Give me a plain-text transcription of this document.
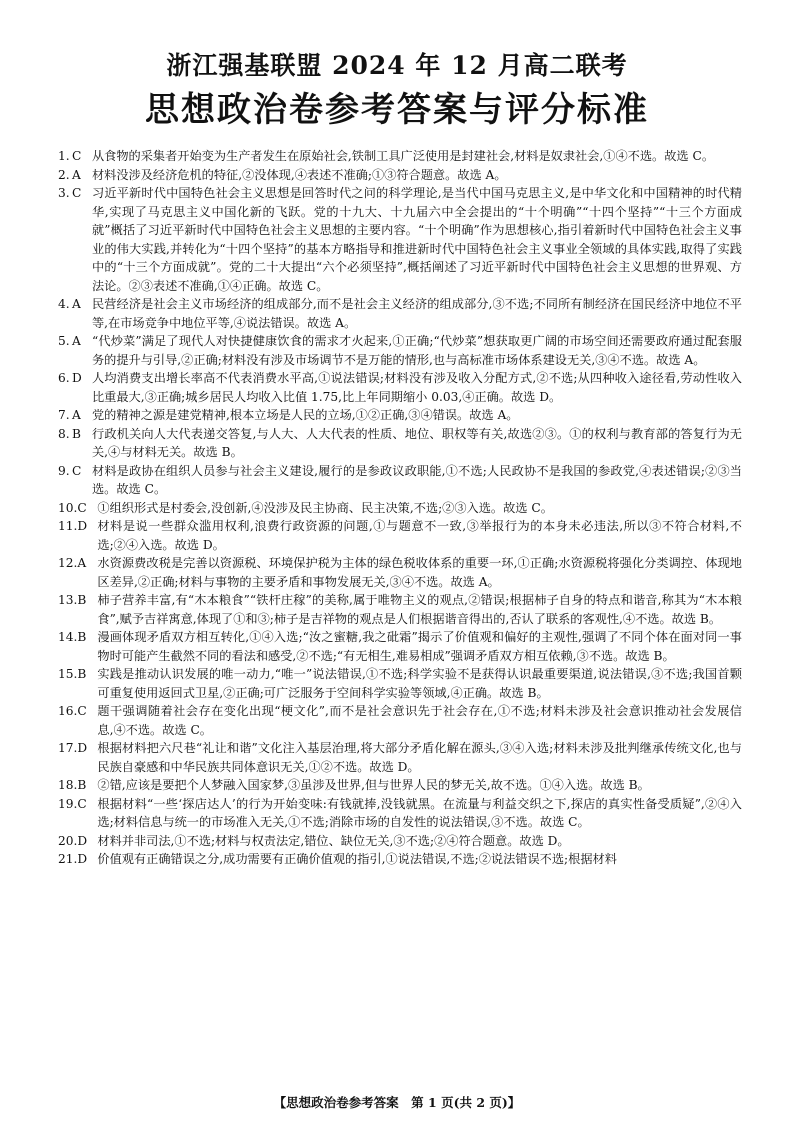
浙江强基联盟 2024 年 12 月高二联考
思想政治卷参考答案与评分标准
1. C 从食物的采集者开始变为生产者发生在原始社会,铁制工具广泛使用是封建社会,材料是奴隶社会,①④不选。故选 C。
2. A 材料没涉及经济危机的特征,②没体现,④表述不准确;①③符合题意。故选 A。
3. C 习近平新时代中国特色社会主义思想是回答时代之问的科学理论,是当代中国马克思主义,是中华文化和中国精神的时代精华,实现了马克思主义中国化新的飞跃。党的十九大、十九届六中全会提出的“十个明确”“十四个坚持”“十三个方面成就”概括了习近平新时代中国特色社会主义思想的主要内容。“十个明确”作为思想核心,指引着新时代中国特色社会主义事业的伟大实践,并转化为“十四个坚持”的基本方略指导和推进新时代中国特色社会主义事业全领域的具体实践,取得了实践中的“十三个方面成就”。党的二十大提出“六个必须坚持”,概括阐述了习近平新时代中国特色社会主义思想的世界观、方法论。②③表述不准确,①④正确。故选 C。
4. A 民营经济是社会主义市场经济的组成部分,而不是社会主义经济的组成部分,③不选;不同所有制经济在国民经济中地位不平等,在市场竞争中地位平等,④说法错误。故选 A。
5. A “代炒菜”满足了现代人对快捷健康饮食的需求才火起来,①正确;“代炒菜”想获取更广阔的市场空间还需要政府通过配套服务的提升与引导,②正确;材料没有涉及市场调节不是万能的情形,也与高标准市场体系建设无关,③④不选。故选 A。
6. D 人均消费支出增长率高不代表消费水平高,①说法错误;材料没有涉及收入分配方式,②不选;从四种收入途径看,劳动性收入比重最大,③正确;城乡居民人均收入比值 1.75,比上年同期缩小 0.03,④正确。故选 D。
7. A 党的精神之源是建党精神,根本立场是人民的立场,①②正确,③④错误。故选 A。
8. B 行政机关向人大代表递交答复,与人大、人大代表的性质、地位、职权等有关,故选②③。①的权利与教育部的答复行为无关,④与材料无关。故选 B。
9. C 材料是政协在组织人员参与社会主义建设,履行的是参政议政职能,①不选;人民政协不是我国的参政党,④表述错误;②③当选。故选 C。
10. C ①组织形式是村委会,没创新,④没涉及民主协商、民主决策,不选;②③入选。故选 C。
11. D 材料是说一些群众滥用权利,浪费行政资源的问题,①与题意不一致,③举报行为的本身未必违法,所以③不符合材料,不选;②④入选。故选 D。
12. A 水资源费改税是完善以资源税、环境保护税为主体的绿色税收体系的重要一环,①正确;水资源税将强化分类调控、体现地区差异,②正确;材料与事物的主要矛盾和事物发展无关,③④不选。故选 A。
13. B 柿子营养丰富,有“木本粮食”“铁杆庄稼”的美称,属于唯物主义的观点,②错误;根据柿子自身的特点和谐音,称其为“木本粮食”,赋予吉祥寓意,体现了①和③;柿子是吉祥物的观点是人们根据谐音得出的,否认了联系的客观性,④不选。故选 B。
14. B 漫画体现矛盾双方相互转化,①④入选;“汝之蜜糖,我之砒霜”揭示了价值观和偏好的主观性,强调了不同个体在面对同一事物时可能产生截然不同的看法和感受,②不选;“有无相生,难易相成”强调矛盾双方相互依赖,③不选。故选 B。
15. B 实践是推动认识发展的唯一动力,“唯一”说法错误,①不选;科学实验不是获得认识最重要渠道,说法错误,③不选;我国首颗可重复使用返回式卫星,②正确;可广泛服务于空间科学实验等领域,④正确。故选 B。
16. C 题干强调随着社会存在变化出现“梗文化”,而不是社会意识先于社会存在,①不选;材料未涉及社会意识推动社会发展信息,④不选。故选 C。
17. D 根据材料把六尺巷“礼让和谐”文化注入基层治理,将大部分矛盾化解在源头,③④入选;材料未涉及批判继承传统文化,也与民族自豪感和中华民族共同体意识无关,①②不选。故选 D。
18. B ②错,应该是要把个人梦融入国家梦,③虽涉及世界,但与世界人民的梦无关,故不选。①④入选。故选 B。
19. C 根据材料“一些‘探店达人’的行为开始变味:有钱就捧,没钱就黑。在流量与利益交织之下,探店的真实性备受质疑”,②④入选;材料信息与统一的市场准入无关,①不选;消除市场的自发性的说法错误,③不选。故选 C。
20. D 材料并非司法,①不选;材料与权责法定,错位、缺位无关,③不选;②④符合题意。故选 D。
21. D 价值观有正确错误之分,成功需要有正确价值观的指引,①说法错误,不选;②说法错误不选;根据材料
【思想政治卷参考答案　第 1 页(共 2 页)】
